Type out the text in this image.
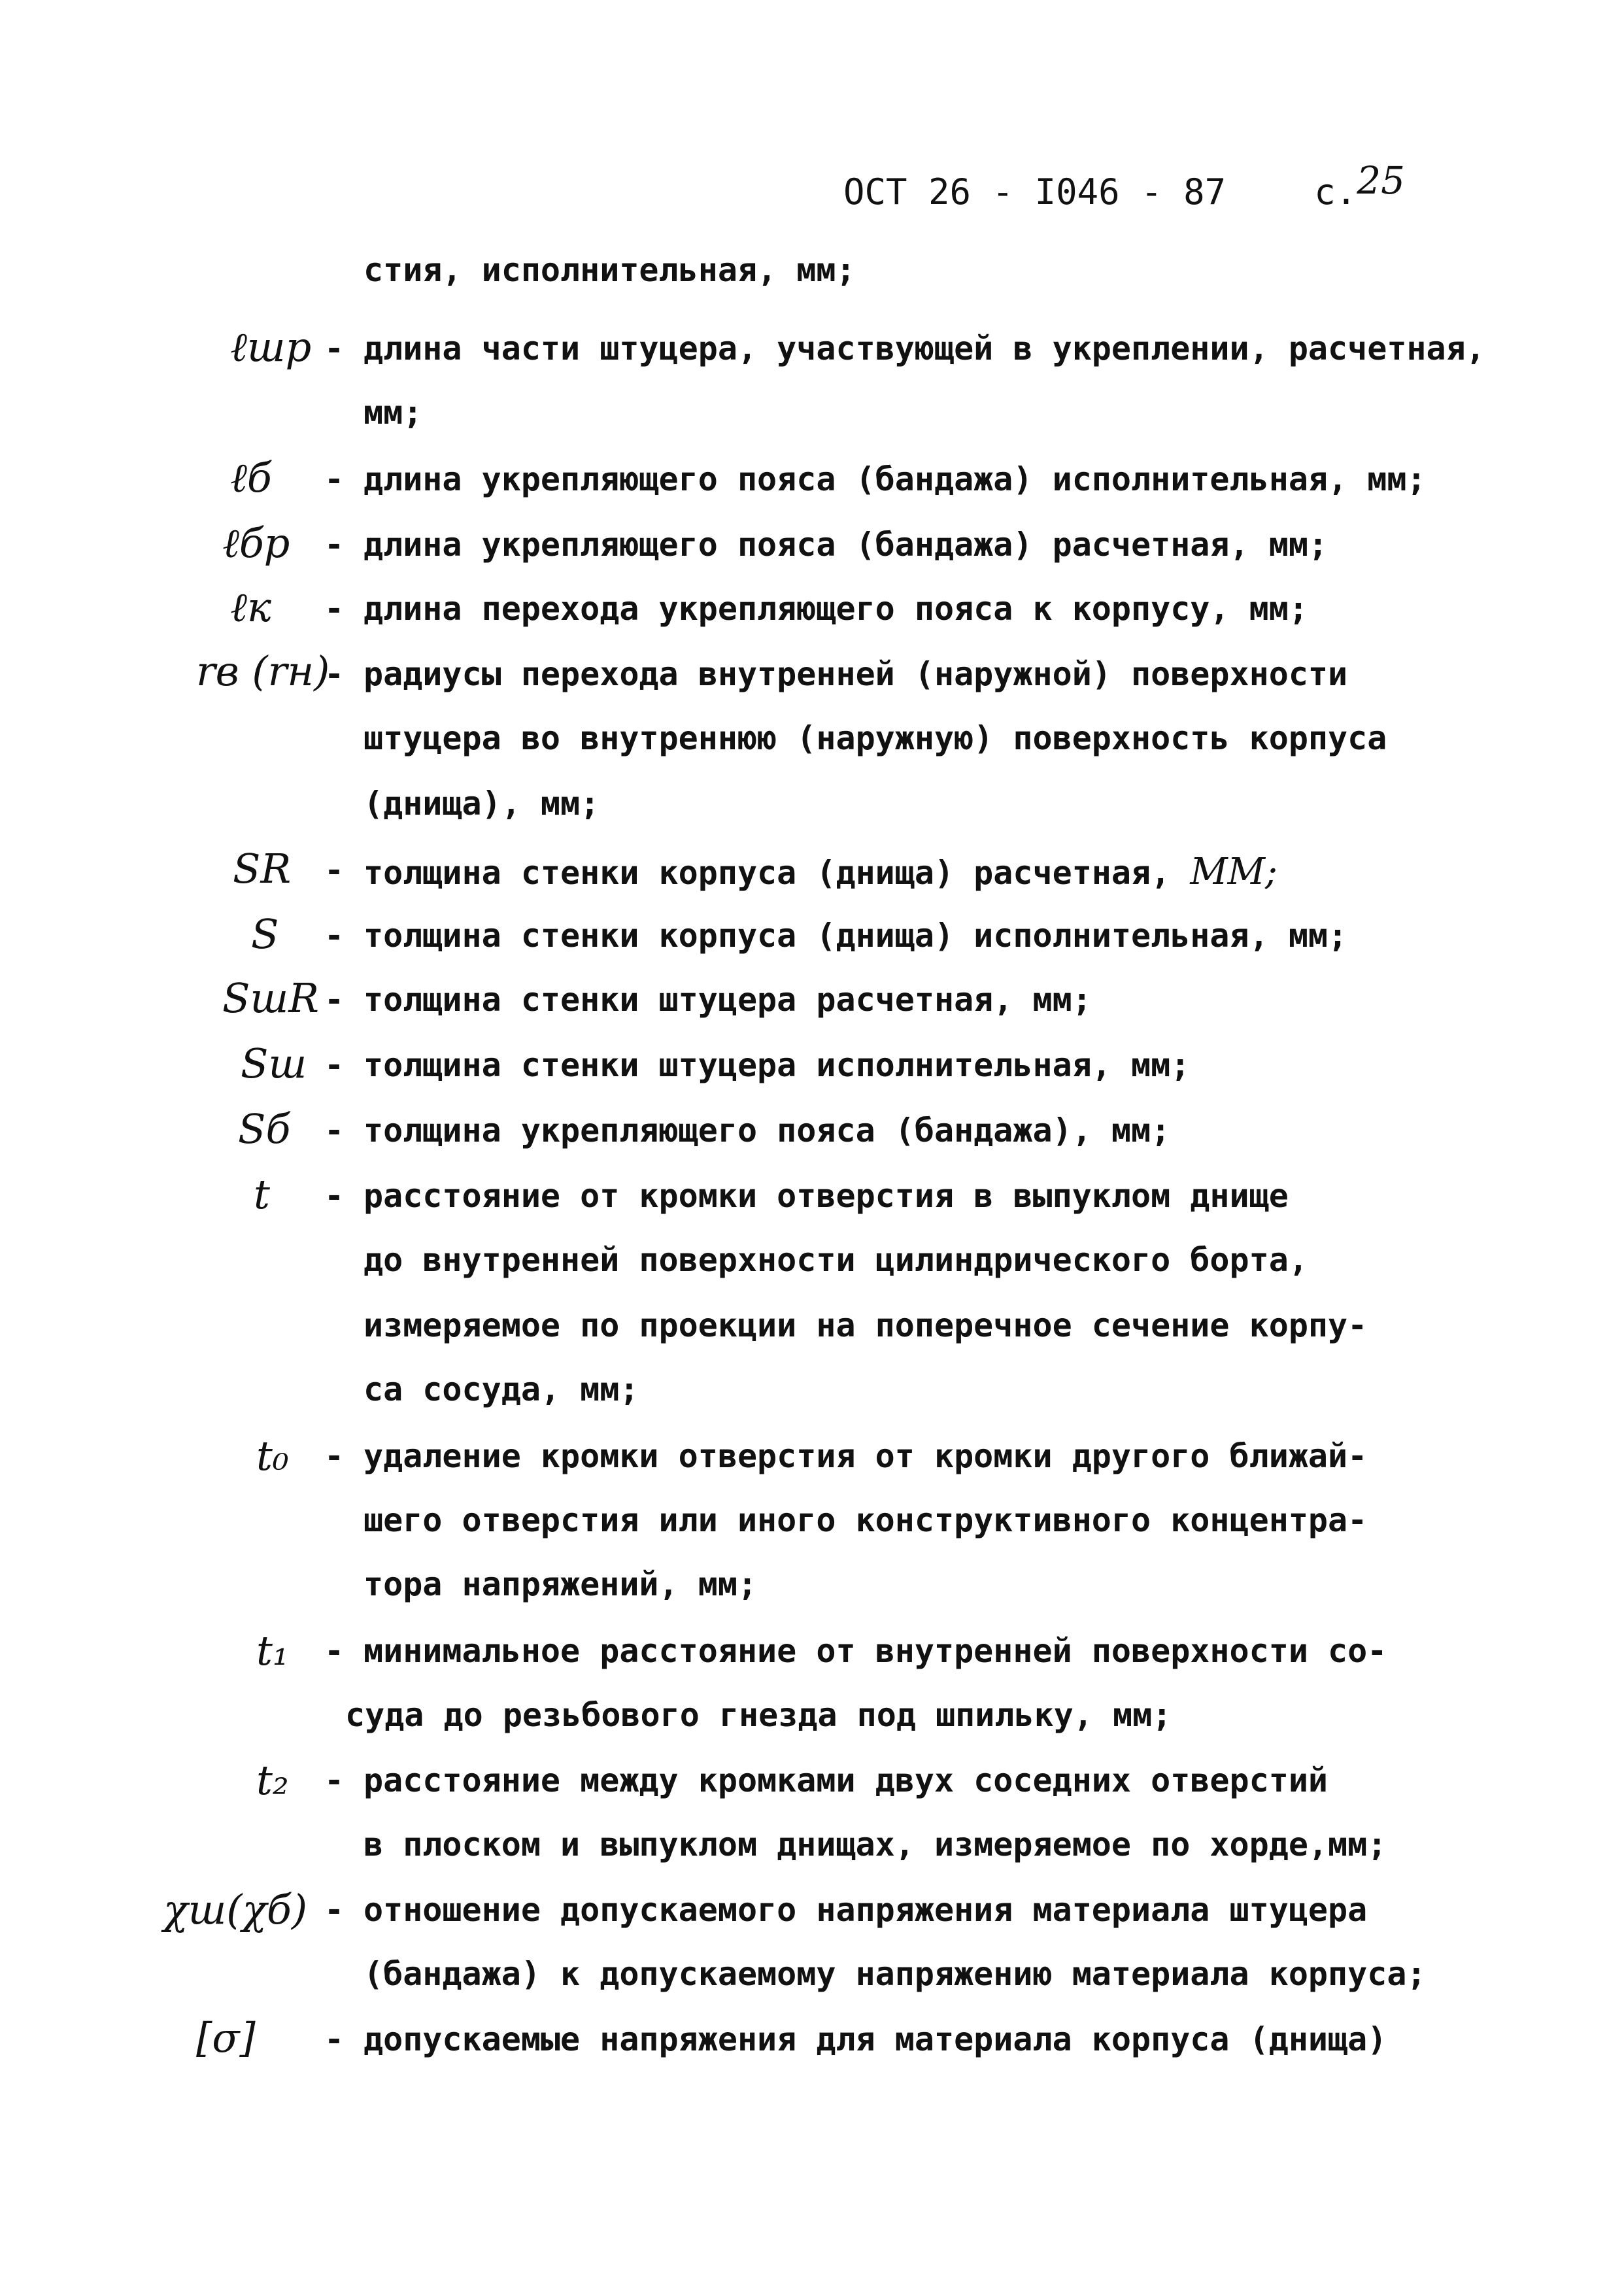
ОСТ 26 - I046 - 87	с.25
стия, исполнительная, мм;
ℓшр - длина части штуцера, участвующей в укреплении, расчетная,
мм;
ℓб - длина укрепляющего пояса (бандажа) исполнительная, мм;
ℓбр - длина укрепляющего пояса (бандажа) расчетная, мм;
ℓк - длина перехода укрепляющего пояса к корпусу, мм;
rв (rн)
- радиусы перехода внутренней (наружной) поверхности
штуцера во внутреннюю (наружную) поверхность корпуса
(днища), мм;
SR - толщина стенки корпуса (днища) расчетная, ММ;
S - толщина стенки корпуса (днища) исполнительная, мм;
SшR - толщина стенки штуцера расчетная, мм;
Sш - толщина стенки штуцера исполнительная, мм;
Sб - толщина укрепляющего пояса (бандажа), мм;
t - расстояние от кромки отверстия в выпуклом днище
до внутренней поверхности цилиндрического борта,
измеряемое по проекции на поперечное сечение корпу-
са сосуда, мм;
t₀ - удаление кромки отверстия от кромки другого ближай-
шего отверстия или иного конструктивного концентра-
тора напряжений, мм;
t₁ - минимальное расстояние от внутренней поверхности со-
суда до резьбового гнезда под шпильку, мм;
t₂ - расстояние между кромками двух соседних отверстий
в плоском и выпуклом днищах, измеряемое по хорде,мм;
χш(χб) - отношение допускаемого напряжения материала штуцера
(бандажа) к допускаемому напряжению материала корпуса;
[σ] - допускаемые напряжения для материала корпуса (днища)
